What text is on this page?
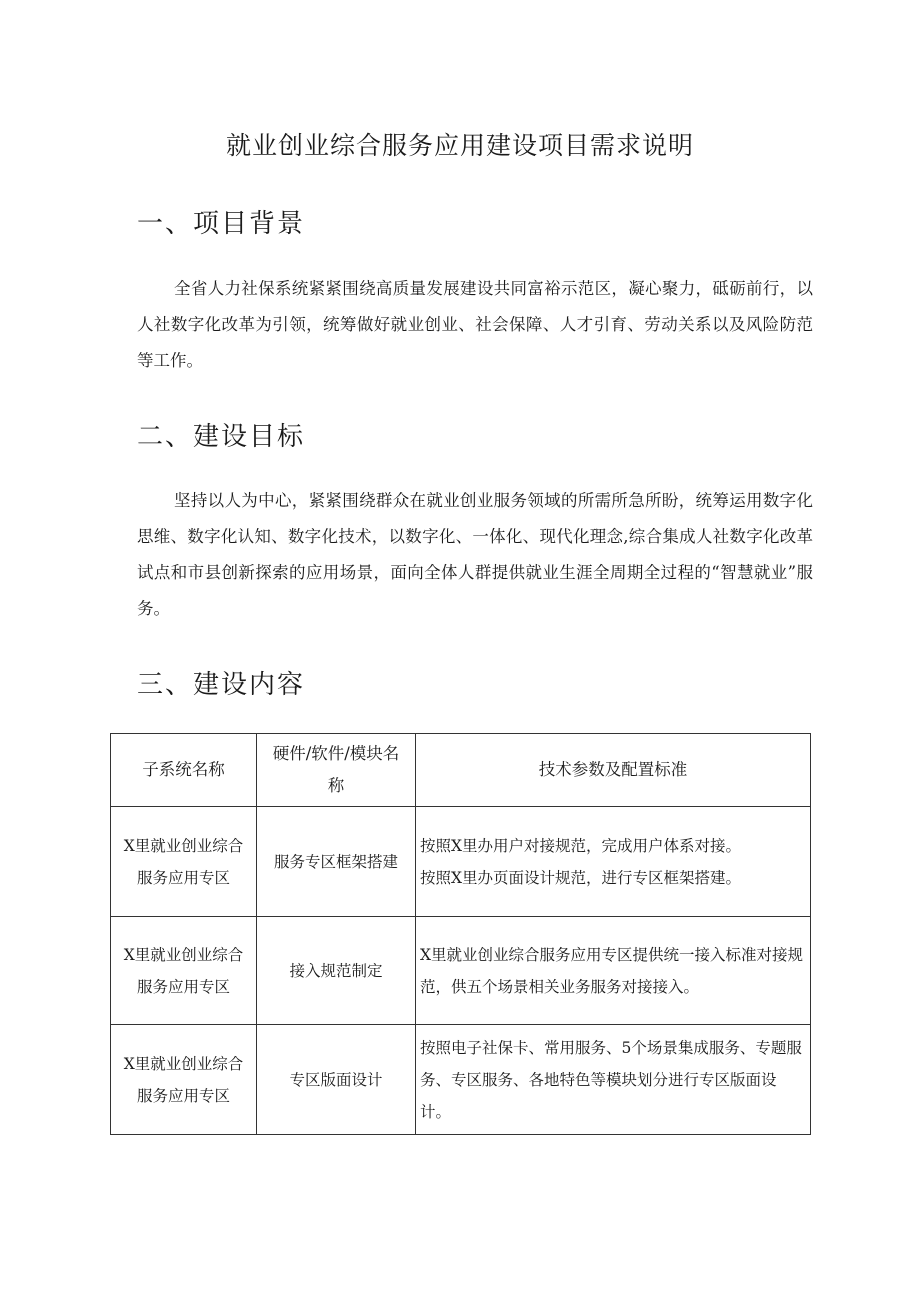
就业创业综合服务应用建设项目需求说明
一、项目背景

全省人力社保系统紧紧围绕高质量发展建设共同富裕示范区，凝心聚力，砥砺前行，以人社数字化改革为引领，统筹做好就业创业、社会保障、人才引育、劳动关系以及风险防范等工作。

二、建设目标

坚持以人为中心，紧紧围绕群众在就业创业服务领域的所需所急所盼，统筹运用数字化思维、数字化认知、数字化技术，以数字化、一体化、现代化理念,综合集成人社数字化改革试点和市县创新探索的应用场景，面向全体人群提供就业生涯全周期全过程的“智慧就业”服务。

三、建设内容
子系统名称	硬件/软件/模块名称	技术参数及配置标准
X里就业创业综合服务应用专区	服务专区框架搭建	按照X里办用户对接规范，完成用户体系对接。
按照X里办页面设计规范，进行专区框架搭建。

X里就业创业综合服务应用专区	接入规范制定	X里就业创业综合服务应用专区提供统一接入标准对接规范，供五个场景相关业务服务对接接入。

X里就业创业综合服务应用专区	专区版面设计	按照电子社保卡、常用服务、5个场景集成服务、专题服务、专区服务、各地特色等模块划分进行专区版面设计。
